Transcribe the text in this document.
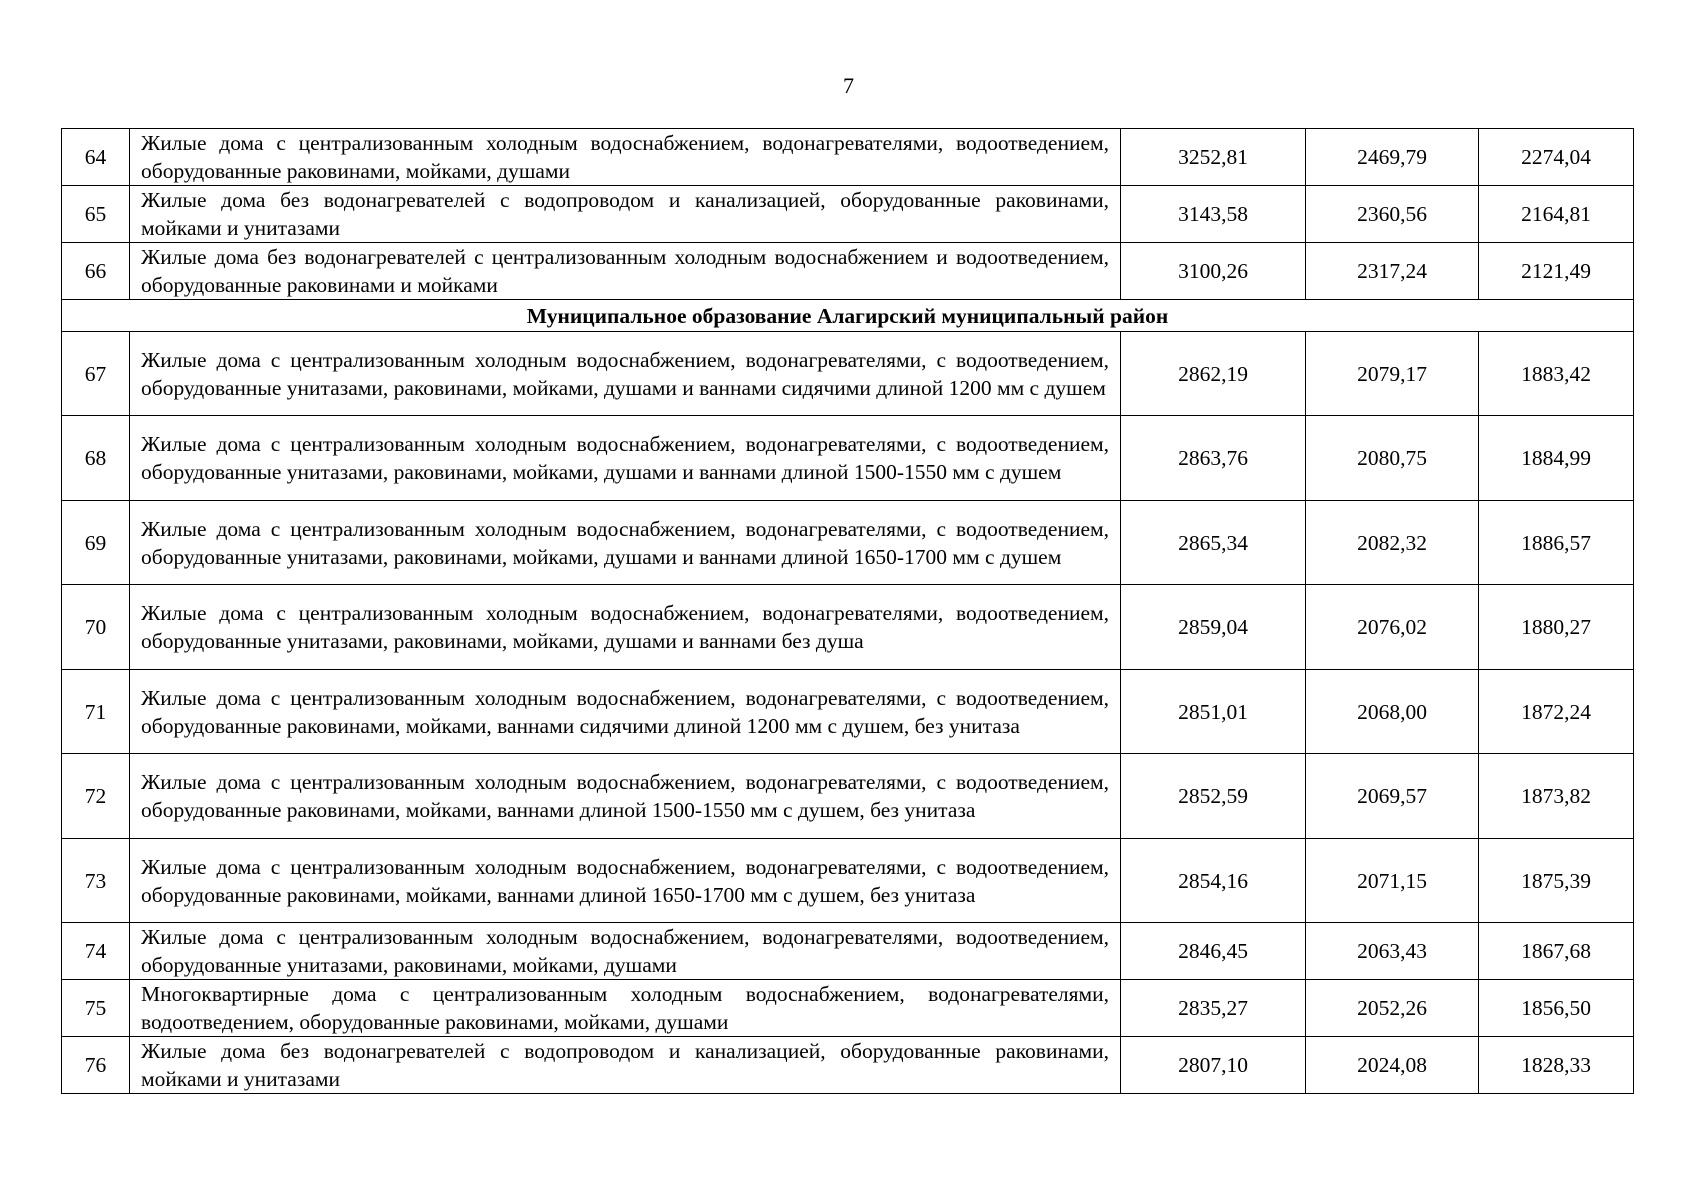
7
64	Жилые дома с централизованным холодным водоснабжением, водонагревателями, водоотведением, оборудованные раковинами, мойками, душами	3252,81	2469,79	2274,04
65	Жилые дома без водонагревателей с водопроводом и канализацией, оборудованные раковинами, мойками и унитазами	3143,58	2360,56	2164,81
66	Жилые дома без водонагревателей с централизованным холодным водоснабжением и водоотведением, оборудованные раковинами и мойками	3100,26	2317,24	2121,49
Муниципальное образование Алагирский муниципальный район				
67	Жилые дома с централизованным холодным водоснабжением, водонагревателями, с водоотведением, оборудованные унитазами, раковинами, мойками, душами и ваннами сидячими длиной 1200 мм с душем	2862,19	2079,17	1883,42
68	Жилые дома с централизованным холодным водоснабжением, водонагревателями, с водоотведением, оборудованные унитазами, раковинами, мойками, душами и ваннами длиной 1500-1550 мм с душем	2863,76	2080,75	1884,99
69	Жилые дома с централизованным холодным водоснабжением, водонагревателями, с водоотведением, оборудованные унитазами, раковинами, мойками, душами и ваннами длиной 1650-1700 мм с душем	2865,34	2082,32	1886,57
70	Жилые дома с централизованным холодным водоснабжением, водонагревателями, водоотведением, оборудованные унитазами, раковинами, мойками, душами и ваннами без душа	2859,04	2076,02	1880,27
71	Жилые дома с централизованным холодным водоснабжением, водонагревателями, с водоотведением, оборудованные раковинами, мойками, ваннами сидячими длиной 1200 мм с душем, без унитаза	2851,01	2068,00	1872,24
72	Жилые дома с централизованным холодным водоснабжением, водонагревателями, с водоотведением, оборудованные раковинами, мойками, ваннами длиной 1500-1550 мм с душем, без унитаза	2852,59	2069,57	1873,82
73	Жилые дома с централизованным холодным водоснабжением, водонагревателями, с водоотведением, оборудованные раковинами, мойками, ваннами длиной 1650-1700 мм с душем, без унитаза	2854,16	2071,15	1875,39
74	Жилые дома с централизованным холодным водоснабжением, водонагревателями, водоотведением, оборудованные унитазами, раковинами, мойками, душами	2846,45	2063,43	1867,68
75	Многоквартирные дома с централизованным холодным водоснабжением, водонагревателями, водоотведением, оборудованные раковинами, мойками, душами	2835,27	2052,26	1856,50
76	Жилые дома без водонагревателей с водопроводом и канализацией, оборудованные раковинами, мойками и унитазами	2807,10	2024,08	1828,33
